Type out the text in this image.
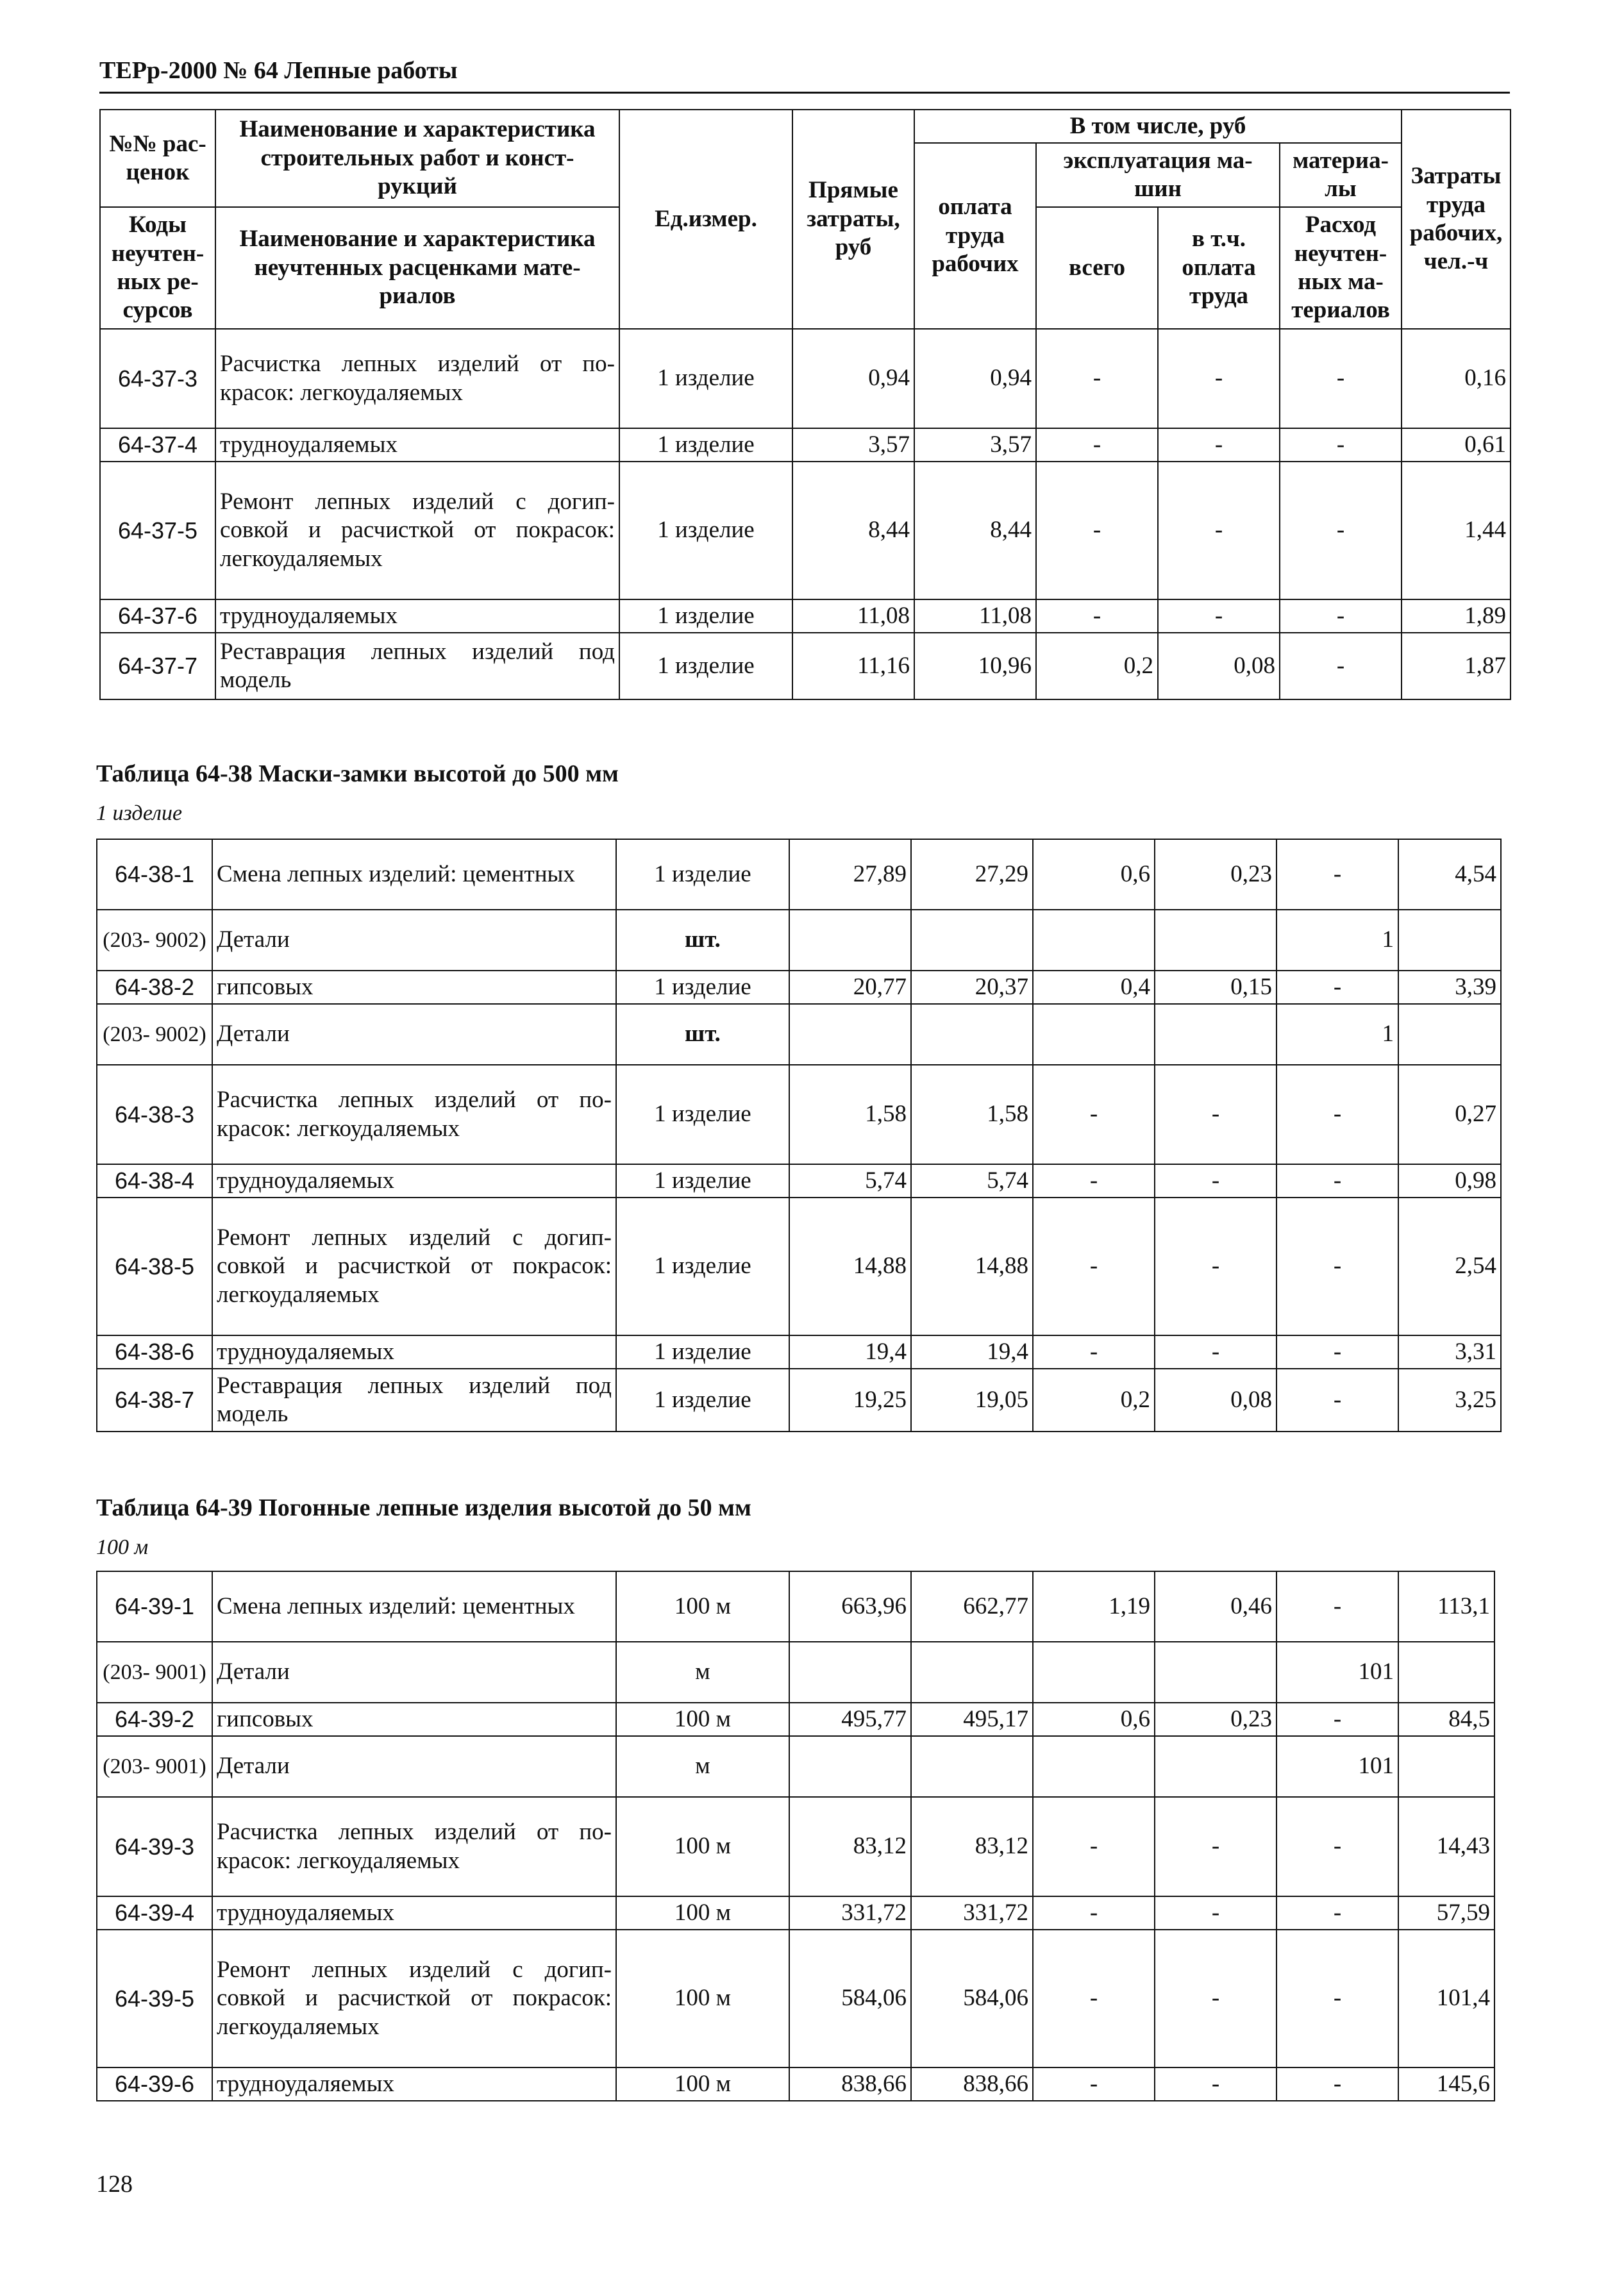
ТЕРр-2000 № 64 Лепные работы
№№ рас- ценок	Наименование и характеристика строительных работ и конст- рукций	Ед.измер.	Прямые затраты, руб	В том числе, руб				Затраты труда рабочих, чел.-ч
				оплата труда рабочих	эксплуатация ма- шин		материа- лы	
Коды неучтен- ных ре- сурсов	Наименование и характеристика неучтенных расценками мате- риалов				всего	в т.ч. оплата труда	Расход неучтен- ных ма- териалов	

64-37-3	Расчистка лепных изделий от по- красок: легкоудаляемых	1 изделие	0,94	0,94	-	-	-	0,16
64-37-4	трудноудаляемых	1 изделие	3,57	3,57	-	-	-	0,61
64-37-5	Ремонт лепных изделий с догип- совкой и расчисткой от покрасок: легкоудаляемых	1 изделие	8,44	8,44	-	-	-	1,44
64-37-6	трудноудаляемых	1 изделие	11,08	11,08	-	-	-	1,89
64-37-7	Реставрация лепных изделий под модель	1 изделие	11,16	10,96	0,2	0,08	-	1,87
Таблица 64-38 Маски-замки высотой до 500 мм
1 изделие
64-38-1	Смена лепных изделий: цементных	1 изделие	27,89	27,29	0,6	0,23	-	4,54
(203- 9002)	Детали	шт.					1	
64-38-2	гипсовых	1 изделие	20,77	20,37	0,4	0,15	-	3,39
(203- 9002)	Детали	шт.					1	
64-38-3	Расчистка лепных изделий от по- красок: легкоудаляемых	1 изделие	1,58	1,58	-	-	-	0,27
64-38-4	трудноудаляемых	1 изделие	5,74	5,74	-	-	-	0,98
64-38-5	Ремонт лепных изделий с догип- совкой и расчисткой от покрасок: легкоудаляемых	1 изделие	14,88	14,88	-	-	-	2,54
64-38-6	трудноудаляемых	1 изделие	19,4	19,4	-	-	-	3,31
64-38-7	Реставрация лепных изделий под модель	1 изделие	19,25	19,05	0,2	0,08	-	3,25
Таблица 64-39 Погонные лепные изделия высотой до 50 мм
100 м
64-39-1	Смена лепных изделий: цементных	100 м	663,96	662,77	1,19	0,46	-	113,1
(203- 9001)	Детали	м					101	
64-39-2	гипсовых	100 м	495,77	495,17	0,6	0,23	-	84,5
(203- 9001)	Детали	м					101	
64-39-3	Расчистка лепных изделий от по- красок: легкоудаляемых	100 м	83,12	83,12	-	-	-	14,43
64-39-4	трудноудаляемых	100 м	331,72	331,72	-	-	-	57,59
64-39-5	Ремонт лепных изделий с догип- совкой и расчисткой от покрасок: легкоудаляемых	100 м	584,06	584,06	-	-	-	101,4
64-39-6	трудноудаляемых	100 м	838,66	838,66	-	-	-	145,6
128
